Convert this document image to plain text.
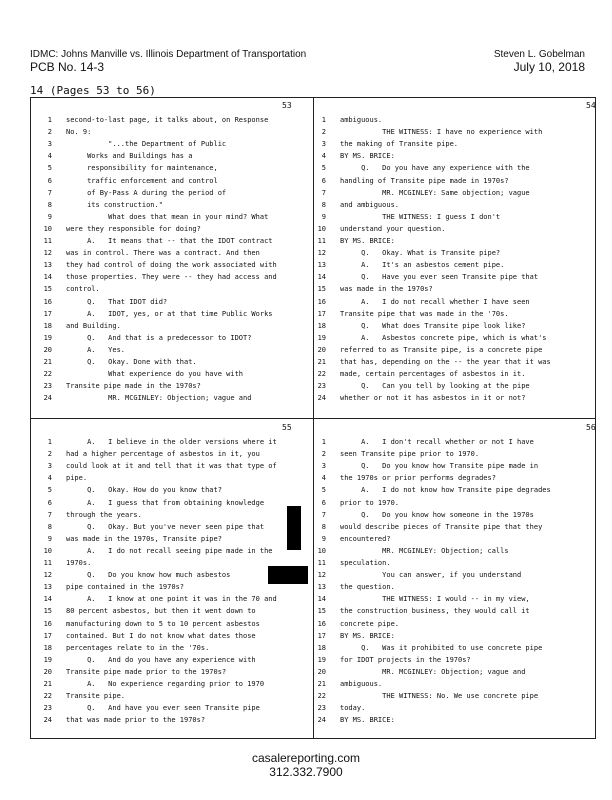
IDMC: Johns Manville vs. Illinois Department of Transportation
PCB No. 14-3
Steven L. Gobelman
July 10, 2018
14 (Pages 53 to 56)
53
1 second-to-last page, it talks about, on Response
2 No. 9:
3 "...the Department of Public
4 Works and Buildings has a
5 responsibility for maintenance,
6 traffic enforcement and control
7 of By-Pass A during the period of
8 its construction."
9 What does that mean in your mind? What
10 were they responsible for doing?
11 A.   It means that -- that the IDOT contract
12 was in control. There was a contract. And then
13 they had control of doing the work associated with
14 those properties. They were -- they had access and
15 control.
16 Q.   That IDOT did?
17 A.   IDOT, yes, or at that time Public Works
18 and Building.
19 Q.   And that is a predecessor to IDOT?
20 A.   Yes.
21 Q.   Okay. Done with that.
22 What experience do you have with
23 Transite pipe made in the 1970s?
24 MR. MCGINLEY: Objection; vague and
54
1 ambiguous.
2 THE WITNESS: I have no experience with
3 the making of Transite pipe.
4 BY MS. BRICE:
5 Q.   Do you have any experience with the
6 handling of Transite pipe made in 1970s?
7 MR. MCGINLEY: Same objection; vague
8 and ambiguous.
9 THE WITNESS: I guess I don't
10 understand your question.
11 BY MS. BRICE:
12 Q.   Okay. What is Transite pipe?
13 A.   It's an asbestos cement pipe.
14 Q.   Have you ever seen Transite pipe that
15 was made in the 1970s?
16 A.   I do not recall whether I have seen
17 Transite pipe that was made in the '70s.
18 Q.   What does Transite pipe look like?
19 A.   Asbestos concrete pipe, which is what's
20 referred to as Transite pipe, is a concrete pipe
21 that has, depending on the -- the year that it was
22 made, certain percentages of asbestos in it.
23 Q.   Can you tell by looking at the pipe
24 whether or not it has asbestos in it or not?
55
1 A.   I believe in the older versions where it
2 had a higher percentage of asbestos in it, you
3 could look at it and tell that it was that type of
4 pipe.
5 Q.   Okay. How do you know that?
6 A.   I guess that from obtaining knowledge
7 through the years.
8 Q.   Okay. But you've never seen pipe that
9 was made in the 1970s, Transite pipe?
10 A.   I do not recall seeing pipe made in the
11 1970s.
12 Q.   Do you know how much asbestos
13 pipe contained in the 1970s?
14 A.   I know at one point it was in the 70 and
15 80 percent asbestos, but then it went down to
16 manufacturing down to 5 to 10 percent asbestos
17 contained. But I do not know what dates those
18 percentages relate to in the '70s.
19 Q.   And do you have any experience with
20 Transite pipe made prior to the 1970s?
21 A.   No experience regarding prior to 1970
22 Transite pipe.
23 Q.   And have you ever seen Transite pipe
24 that was made prior to the 1970s?
56
1 A.   I don't recall whether or not I have
2 seen Transite pipe prior to 1970.
3 Q.   Do you know how Transite pipe made in
4 the 1970s or prior performs degrades?
5 A.   I do not know how Transite pipe degrades
6 prior to 1970.
7 Q.   Do you know how someone in the 1970s
8 would describe pieces of Transite pipe that they
9 encountered?
10 MR. MCGINLEY: Objection; calls
11 speculation.
12 You can answer, if you understand
13 the question.
14 THE WITNESS: I would -- in my view,
15 the construction business, they would call it
16 concrete pipe.
17 BY MS. BRICE:
18 Q.   Was it prohibited to use concrete pipe
19 for IDOT projects in the 1970s?
20 MR. MCGINLEY: Objection; vague and
21 ambiguous.
22 THE WITNESS: No. We use concrete pipe
23 today.
24 BY MS. BRICE:
casalereporting.com
312.332.7900
